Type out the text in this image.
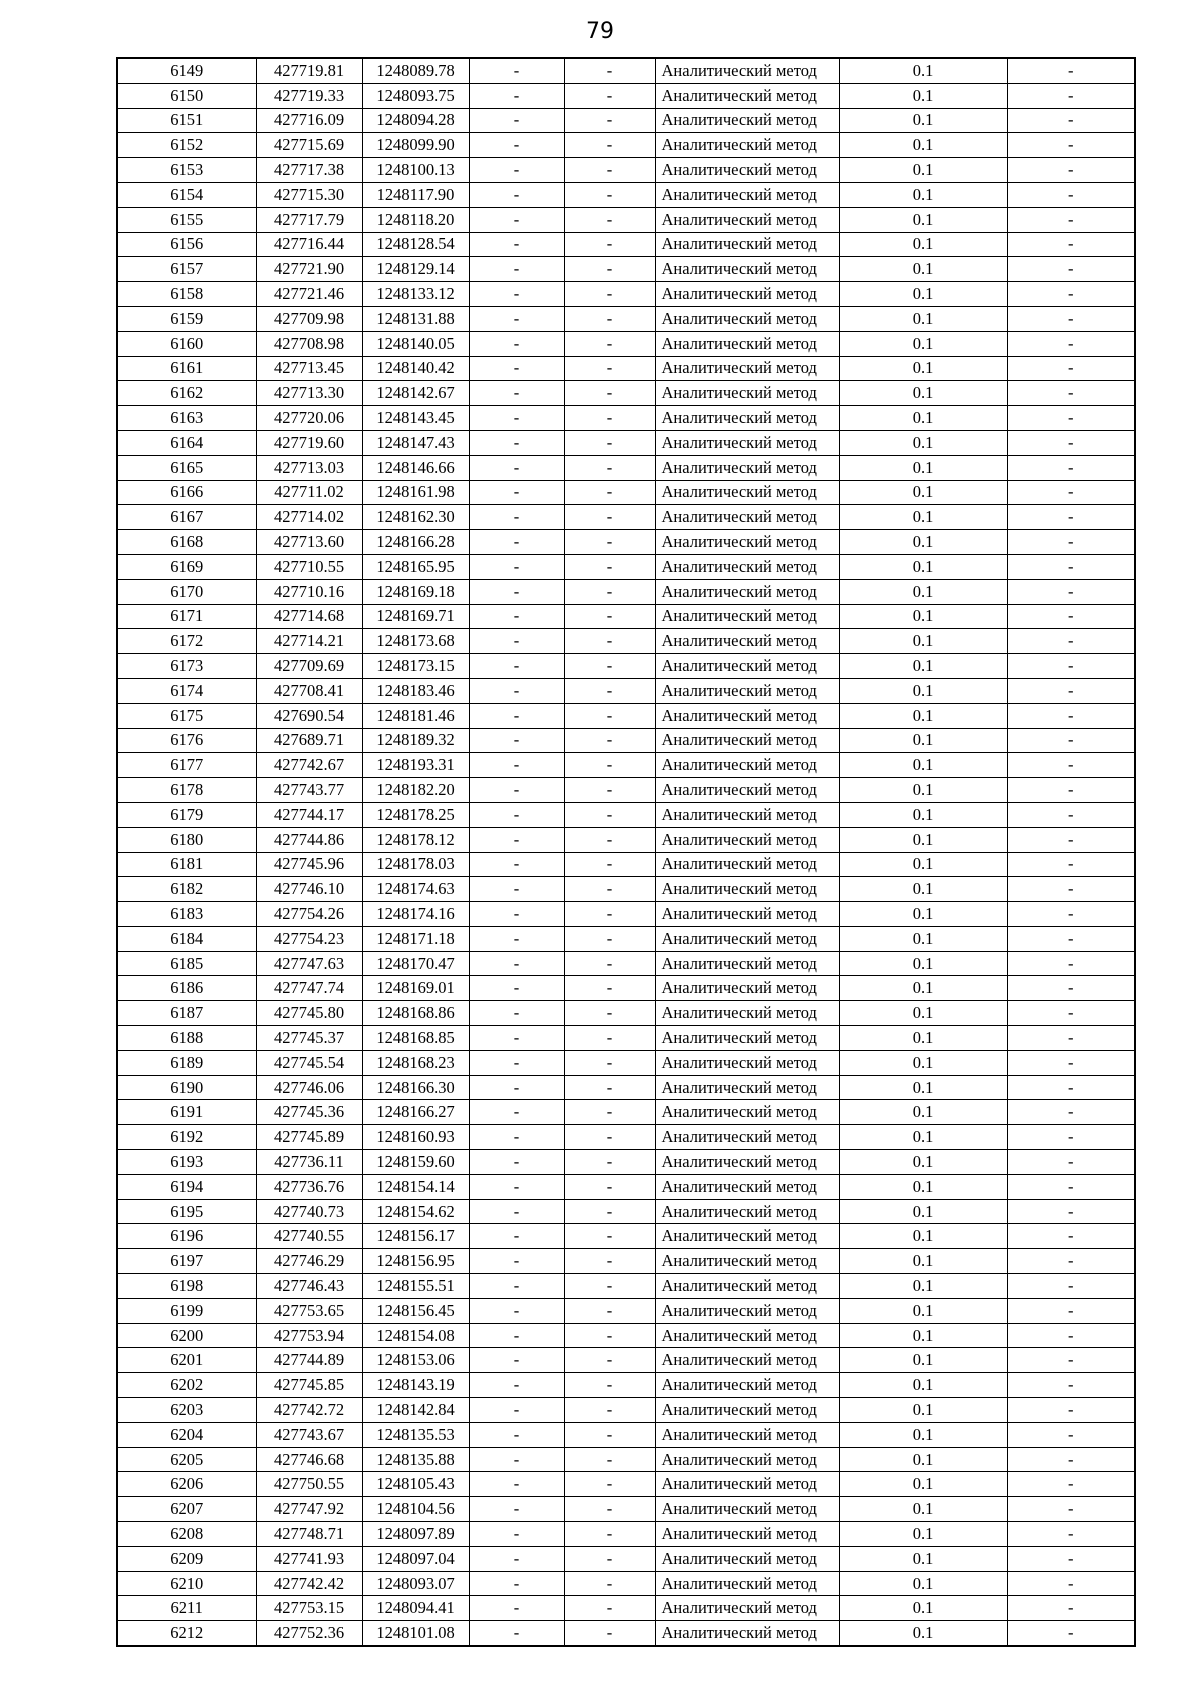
79
6149	427719.81	1248089.78	-	-	Аналитический метод	0.1	-
6150	427719.33	1248093.75	-	-	Аналитический метод	0.1	-
6151	427716.09	1248094.28	-	-	Аналитический метод	0.1	-
6152	427715.69	1248099.90	-	-	Аналитический метод	0.1	-
6153	427717.38	1248100.13	-	-	Аналитический метод	0.1	-
6154	427715.30	1248117.90	-	-	Аналитический метод	0.1	-
6155	427717.79	1248118.20	-	-	Аналитический метод	0.1	-
6156	427716.44	1248128.54	-	-	Аналитический метод	0.1	-
6157	427721.90	1248129.14	-	-	Аналитический метод	0.1	-
6158	427721.46	1248133.12	-	-	Аналитический метод	0.1	-
6159	427709.98	1248131.88	-	-	Аналитический метод	0.1	-
6160	427708.98	1248140.05	-	-	Аналитический метод	0.1	-
6161	427713.45	1248140.42	-	-	Аналитический метод	0.1	-
6162	427713.30	1248142.67	-	-	Аналитический метод	0.1	-
6163	427720.06	1248143.45	-	-	Аналитический метод	0.1	-
6164	427719.60	1248147.43	-	-	Аналитический метод	0.1	-
6165	427713.03	1248146.66	-	-	Аналитический метод	0.1	-
6166	427711.02	1248161.98	-	-	Аналитический метод	0.1	-
6167	427714.02	1248162.30	-	-	Аналитический метод	0.1	-
6168	427713.60	1248166.28	-	-	Аналитический метод	0.1	-
6169	427710.55	1248165.95	-	-	Аналитический метод	0.1	-
6170	427710.16	1248169.18	-	-	Аналитический метод	0.1	-
6171	427714.68	1248169.71	-	-	Аналитический метод	0.1	-
6172	427714.21	1248173.68	-	-	Аналитический метод	0.1	-
6173	427709.69	1248173.15	-	-	Аналитический метод	0.1	-
6174	427708.41	1248183.46	-	-	Аналитический метод	0.1	-
6175	427690.54	1248181.46	-	-	Аналитический метод	0.1	-
6176	427689.71	1248189.32	-	-	Аналитический метод	0.1	-
6177	427742.67	1248193.31	-	-	Аналитический метод	0.1	-
6178	427743.77	1248182.20	-	-	Аналитический метод	0.1	-
6179	427744.17	1248178.25	-	-	Аналитический метод	0.1	-
6180	427744.86	1248178.12	-	-	Аналитический метод	0.1	-
6181	427745.96	1248178.03	-	-	Аналитический метод	0.1	-
6182	427746.10	1248174.63	-	-	Аналитический метод	0.1	-
6183	427754.26	1248174.16	-	-	Аналитический метод	0.1	-
6184	427754.23	1248171.18	-	-	Аналитический метод	0.1	-
6185	427747.63	1248170.47	-	-	Аналитический метод	0.1	-
6186	427747.74	1248169.01	-	-	Аналитический метод	0.1	-
6187	427745.80	1248168.86	-	-	Аналитический метод	0.1	-
6188	427745.37	1248168.85	-	-	Аналитический метод	0.1	-
6189	427745.54	1248168.23	-	-	Аналитический метод	0.1	-
6190	427746.06	1248166.30	-	-	Аналитический метод	0.1	-
6191	427745.36	1248166.27	-	-	Аналитический метод	0.1	-
6192	427745.89	1248160.93	-	-	Аналитический метод	0.1	-
6193	427736.11	1248159.60	-	-	Аналитический метод	0.1	-
6194	427736.76	1248154.14	-	-	Аналитический метод	0.1	-
6195	427740.73	1248154.62	-	-	Аналитический метод	0.1	-
6196	427740.55	1248156.17	-	-	Аналитический метод	0.1	-
6197	427746.29	1248156.95	-	-	Аналитический метод	0.1	-
6198	427746.43	1248155.51	-	-	Аналитический метод	0.1	-
6199	427753.65	1248156.45	-	-	Аналитический метод	0.1	-
6200	427753.94	1248154.08	-	-	Аналитический метод	0.1	-
6201	427744.89	1248153.06	-	-	Аналитический метод	0.1	-
6202	427745.85	1248143.19	-	-	Аналитический метод	0.1	-
6203	427742.72	1248142.84	-	-	Аналитический метод	0.1	-
6204	427743.67	1248135.53	-	-	Аналитический метод	0.1	-
6205	427746.68	1248135.88	-	-	Аналитический метод	0.1	-
6206	427750.55	1248105.43	-	-	Аналитический метод	0.1	-
6207	427747.92	1248104.56	-	-	Аналитический метод	0.1	-
6208	427748.71	1248097.89	-	-	Аналитический метод	0.1	-
6209	427741.93	1248097.04	-	-	Аналитический метод	0.1	-
6210	427742.42	1248093.07	-	-	Аналитический метод	0.1	-
6211	427753.15	1248094.41	-	-	Аналитический метод	0.1	-
6212	427752.36	1248101.08	-	-	Аналитический метод	0.1	-
